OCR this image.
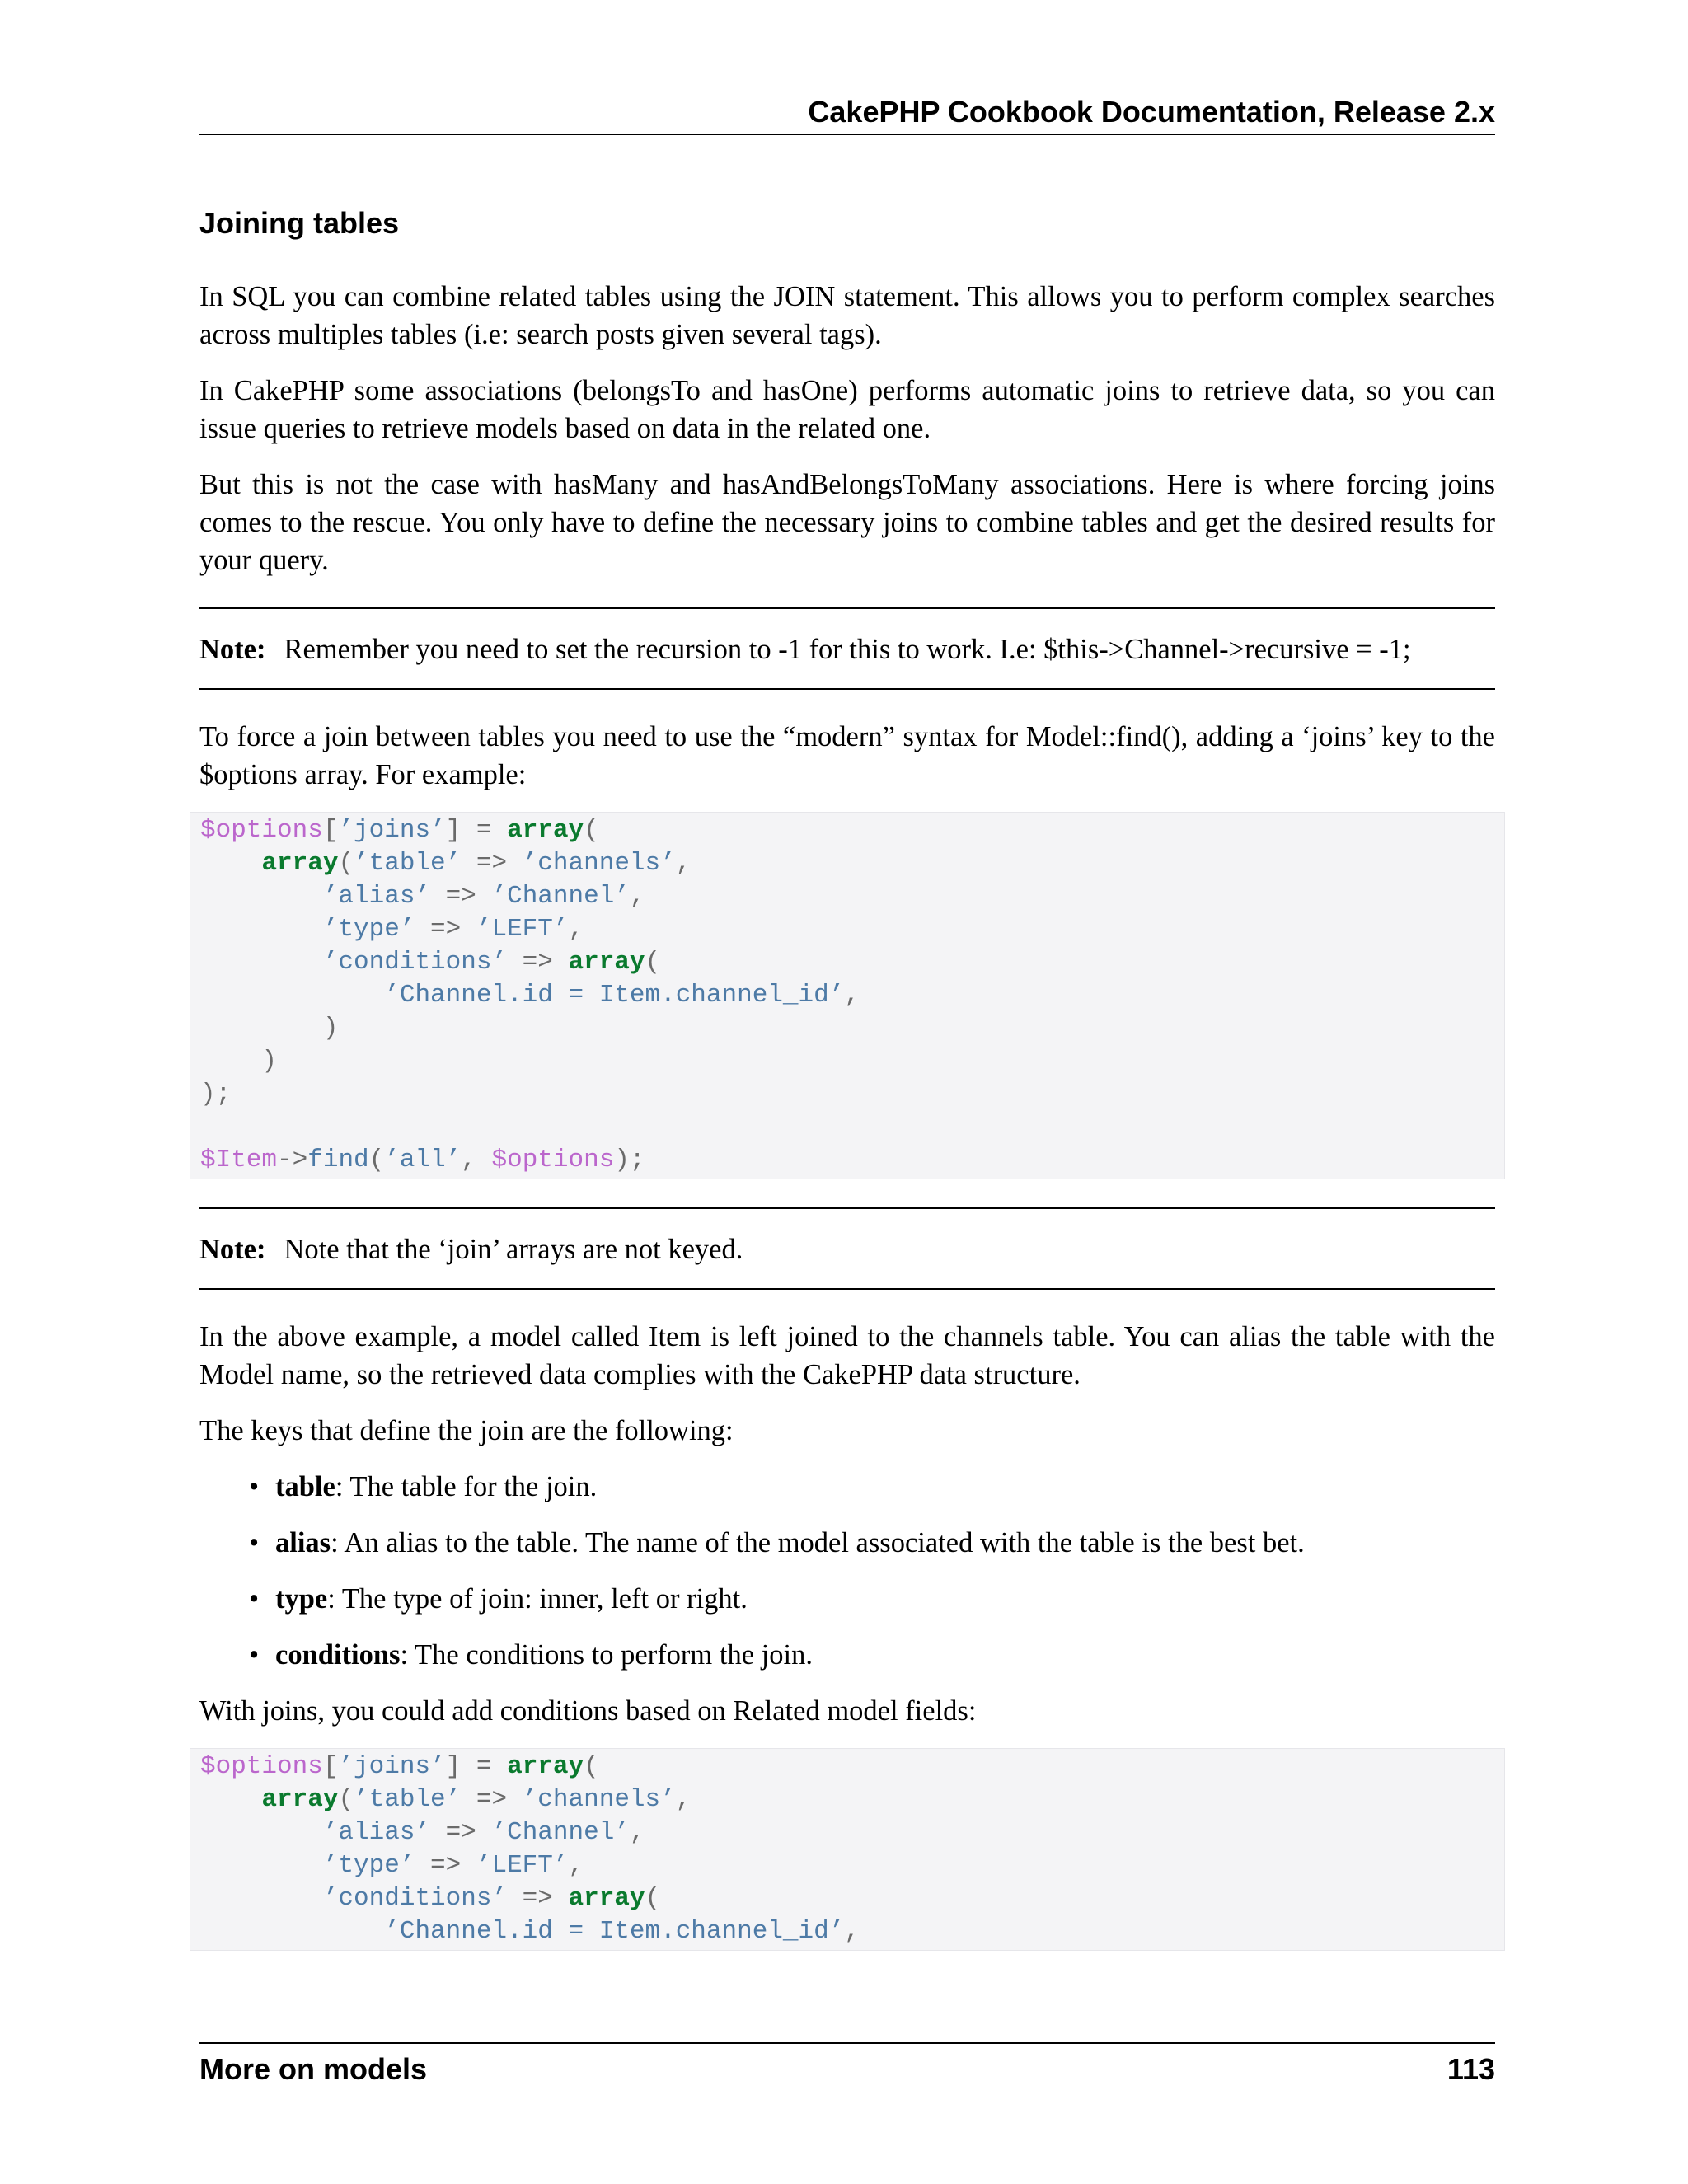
CakePHP Cookbook Documentation, Release 2.x
Joining tables

In SQL you can combine related tables using the JOIN statement. This allows you to perform complex searches across multiples tables (i.e: search posts given several tags).

In CakePHP some associations (belongsTo and hasOne) performs automatic joins to retrieve data, so you can issue queries to retrieve models based on data in the related one.

But this is not the case with hasMany and hasAndBelongsToMany associations. Here is where forcing joins comes to the rescue. You only have to define the necessary joins to combine tables and get the desired results for your query.

Note: Remember you need to set the recursion to -1 for this to work. I.e: $this->Channel->recursive = -1;

To force a join between tables you need to use the “modern” syntax for Model::find(), adding a ‘joins’ key to the $options array. For example:

$options[’joins’] = array(
array(’table’ => ’channels’,
’alias’ => ’Channel’,
’type’ => ’LEFT’,
’conditions’ => array(
’Channel.id = Item.channel_id’,
)
)
);
$Item->find(’all’, $options);

Note: Note that the ‘join’ arrays are not keyed.

In the above example, a model called Item is left joined to the channels table. You can alias the table with the Model name, so the retrieved data complies with the CakePHP data structure.

The keys that define the join are the following:

• table: The table for the join.
• alias: An alias to the table. The name of the model associated with the table is the best bet.
• type: The type of join: inner, left or right.
• conditions: The conditions to perform the join.

With joins, you could add conditions based on Related model fields:

$options[’joins’] = array(
array(’table’ => ’channels’,
’alias’ => ’Channel’,
’type’ => ’LEFT’,
’conditions’ => array(
’Channel.id = Item.channel_id’,
More on models	113
